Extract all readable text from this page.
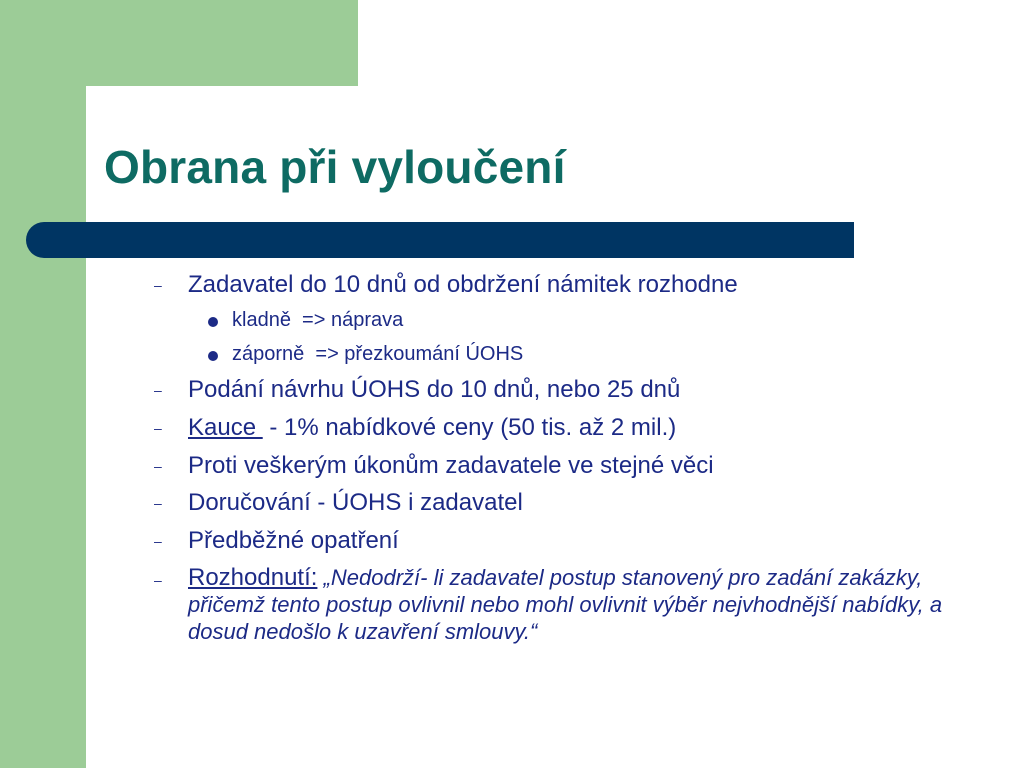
Obrana při vyloučení
–	Zadavatel do 10 dnů od obdržení námitek rozhodne
kladně  => náprava
záporně  => přezkoumání ÚOHS
–	Podání návrhu ÚOHS do 10 dnů, nebo 25 dnů
–	Kauce  - 1% nabídkové ceny (50 tis. až 2 mil.)
–	Proti veškerým úkonům zadavatele ve stejné věci
–	Doručování - ÚOHS i zadavatel
–	Předběžné opatření
–	Rozhodnutí: „Nedodrží- li zadavatel postup stanovený pro zadání zakázky, přičemž tento postup ovlivnil nebo mohl ovlivnit výběr nejvhodnější nabídky, a dosud nedošlo k uzavření smlouvy.“
